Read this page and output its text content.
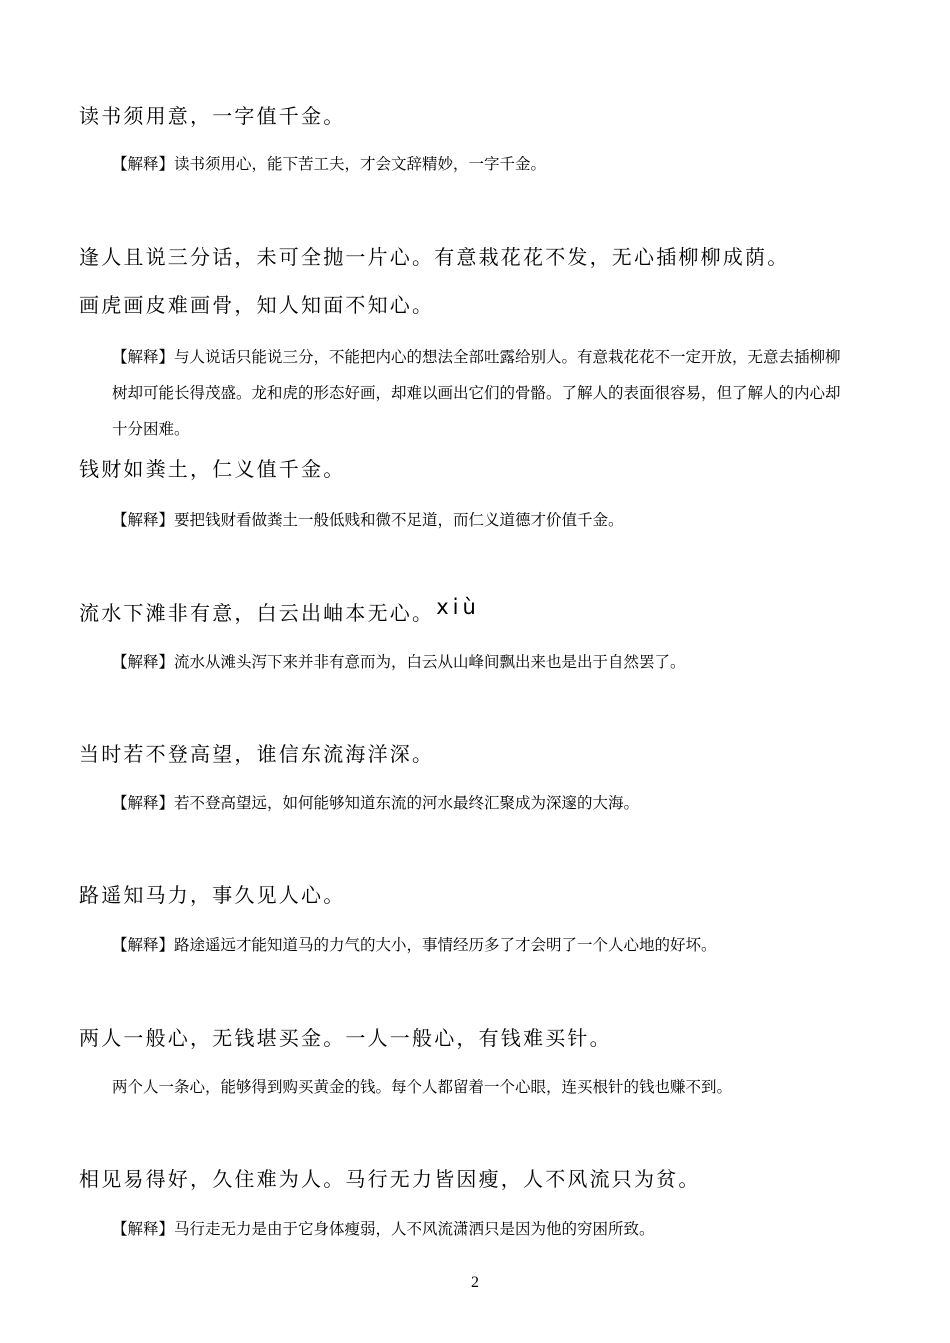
读书须用意，一字值千金。
【解释】读书须用心，能下苦工夫，才会文辞精妙，一字千金。
逢人且说三分话，未可全抛一片心。有意栽花花不发，无心插柳柳成荫。
画虎画皮难画骨，知人知面不知心。
【解释】与人说话只能说三分，不能把内心的想法全部吐露给别人。有意栽花花不一定开放，无意去插柳柳树却可能长得茂盛。龙和虎的形态好画，却难以画出它们的骨骼。了解人的表面很容易，但了解人的内心却十分困难。
钱财如粪土，仁义值千金。
【解释】要把钱财看做粪土一般低贱和微不足道，而仁义道德才价值千金。
流水下滩非有意，白云出岫本无心。xiù
【解释】流水从滩头泻下来并非有意而为，白云从山峰间飘出来也是出于自然罢了。
当时若不登高望，谁信东流海洋深。
【解释】若不登高望远，如何能够知道东流的河水最终汇聚成为深邃的大海。
路遥知马力，事久见人心。
【解释】路途遥远才能知道马的力气的大小，事情经历多了才会明了一个人心地的好坏。
两人一般心，无钱堪买金。一人一般心，有钱难买针。
两个人一条心，能够得到购买黄金的钱。每个人都留着一个心眼，连买根针的钱也赚不到。
相见易得好，久住难为人。马行无力皆因瘦，人不风流只为贫。
【解释】马行走无力是由于它身体瘦弱，人不风流潇洒只是因为他的穷困所致。
2
